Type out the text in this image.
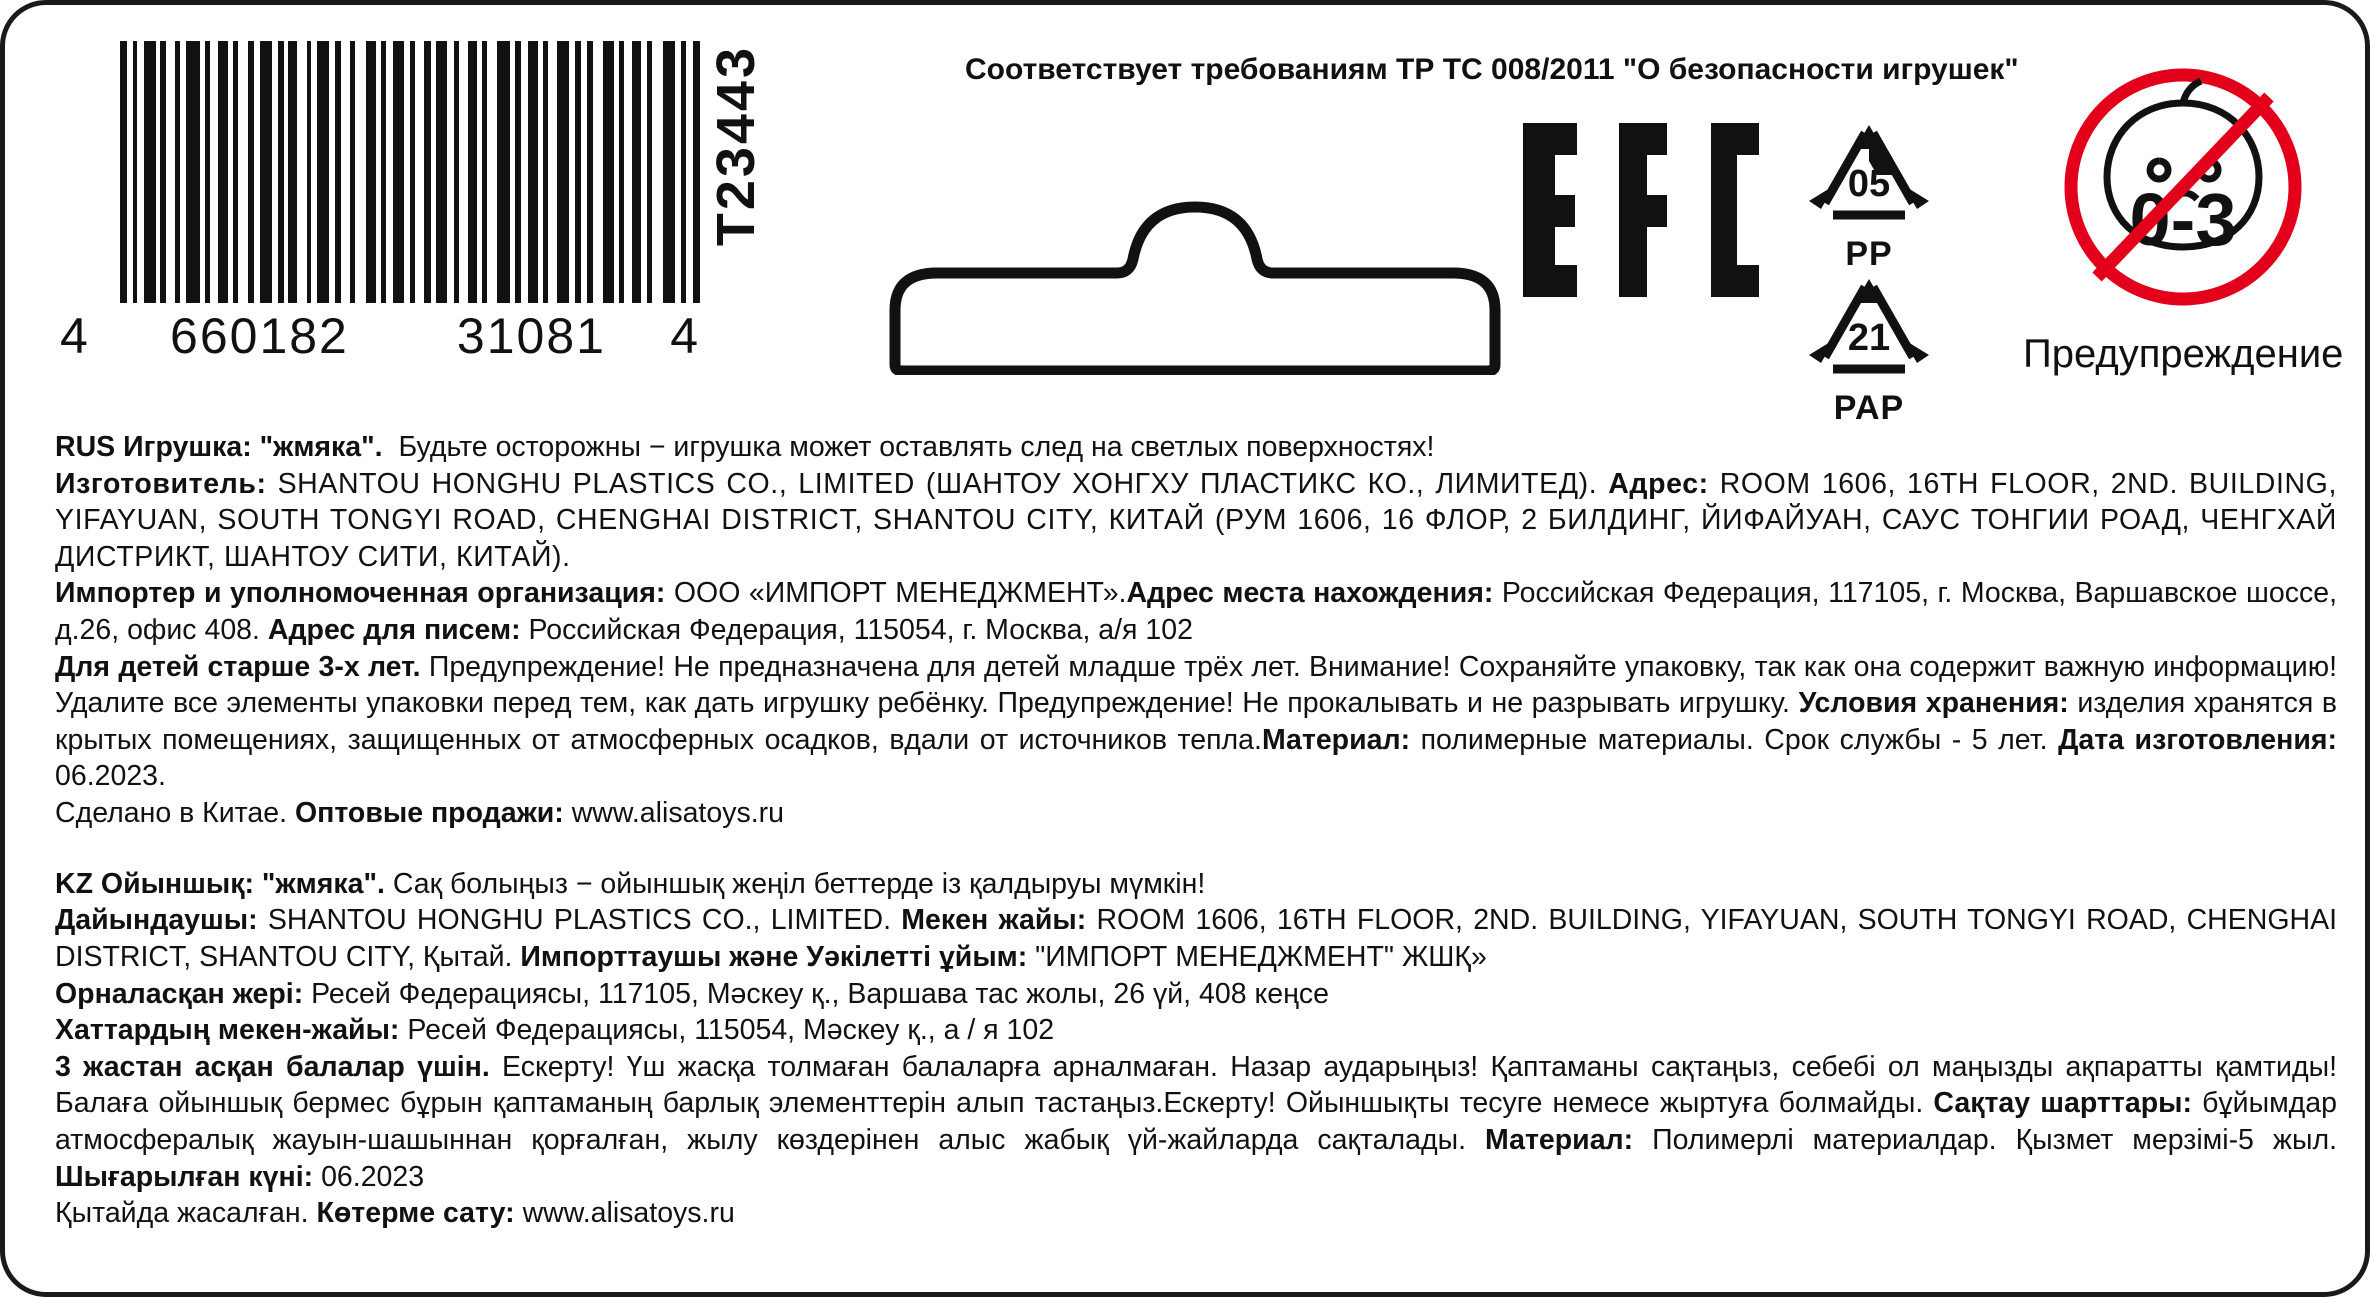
4	660182 31081 4
T23443	Соответствует требованиям ТР ТС 008/2011 "О безопасности игрушек"
05
PP
21
PAP
0-3
Предупреждение

RUS Игрушка: "жмяка". Будьте осторожны − игрушка может оставлять след на светлых поверхностях!

Изготовитель: SHANTOU HONGHU PLASTICS CO., LIMITED (ШАНТОУ ХОНГХУ ПЛАСТИКС КО., ЛИМИТЕД). Адрес: ROOM 1606, 16TH FLOOR, 2ND. BUILDING, YIFAYUAN, SOUTH TONGYI ROAD, CHENGHAI DISTRICT, SHANTOU CITY, КИТАЙ (РУМ 1606, 16 ФЛОР, 2 БИЛДИНГ, ЙИФАЙУАН, САУС ТОНГИИ РОАД, ЧЕНГХАЙ ДИСТРИКТ, ШАНТОУ СИТИ, КИТАЙ).

Импортер и уполномоченная организация: ООО «ИМПОРТ МЕНЕДЖМЕНТ».Адрес места нахождения: Российская Федерация, 117105, г. Москва, Варшавское шоссе, д.26, офис 408. Адрес для писем: Российская Федерация, 115054, г. Москва, а/я 102

Для детей старше 3-х лет. Предупреждение! Не предназначена для детей младше трёх лет. Внимание! Сохраняйте упаковку, так как она содержит важную информацию! Удалите все элементы упаковки перед тем, как дать игрушку ребёнку. Предупреждение! Не прокалывать и не разрывать игрушку. Условия хранения: изделия хранятся в крытых помещениях, защищенных от атмосферных осадков, вдали от источников тепла.Материал: полимерные материалы. Срок службы - 5 лет. Дата изготовления: 06.2023.

Сделано в Китае. Оптовые продажи: www.alisatoys.ru

KZ Ойыншық: "жмяка". Сақ болыңыз − ойыншық жеңіл беттерде із қалдыруы мүмкін!

Дайындаушы: SHANTOU HONGHU PLASTICS CO., LIMITED. Мекен жайы: ROOM 1606, 16TH FLOOR, 2ND. BUILDING, YIFAYUAN, SOUTH TONGYI ROAD, CHENGHAI DISTRICT, SHANTOU CITY, Қытай. Импорттаушы және Уәкілетті ұйым: "ИМПОРТ МЕНЕДЖМЕНТ" ЖШҚ»

Орналасқан жері: Ресей Федерациясы, 117105, Мәскеу қ., Варшава тас жолы, 26 үй, 408 кеңсе

Хаттардың мекен-жайы: Ресей Федерациясы, 115054, Мәскеу қ., а / я 102

3 жастан асқан балалар үшін. Ескерту! Үш жасқа толмаған балаларға арналмаған. Назар аударыңыз! Қаптаманы сақтаңыз, себебі ол маңызды ақпаратты қамтиды! Балаға ойыншық бермес бұрын қаптаманың барлық элементтерін алып тастаңыз.Ескерту! Ойыншықты тесуге немесе жыртуға болмайды. Сақтау шарттары: бұйымдар атмосфералық жауын-шашыннан қорғалған, жылу көздерінен алыс жабық үй-жайларда сақталады. Материал: Полимерлі материалдар. Қызмет мерзімі-5 жыл. Шығарылған күні: 06.2023

Қытайда жасалған. Көтерме сату: www.alisatoys.ru
